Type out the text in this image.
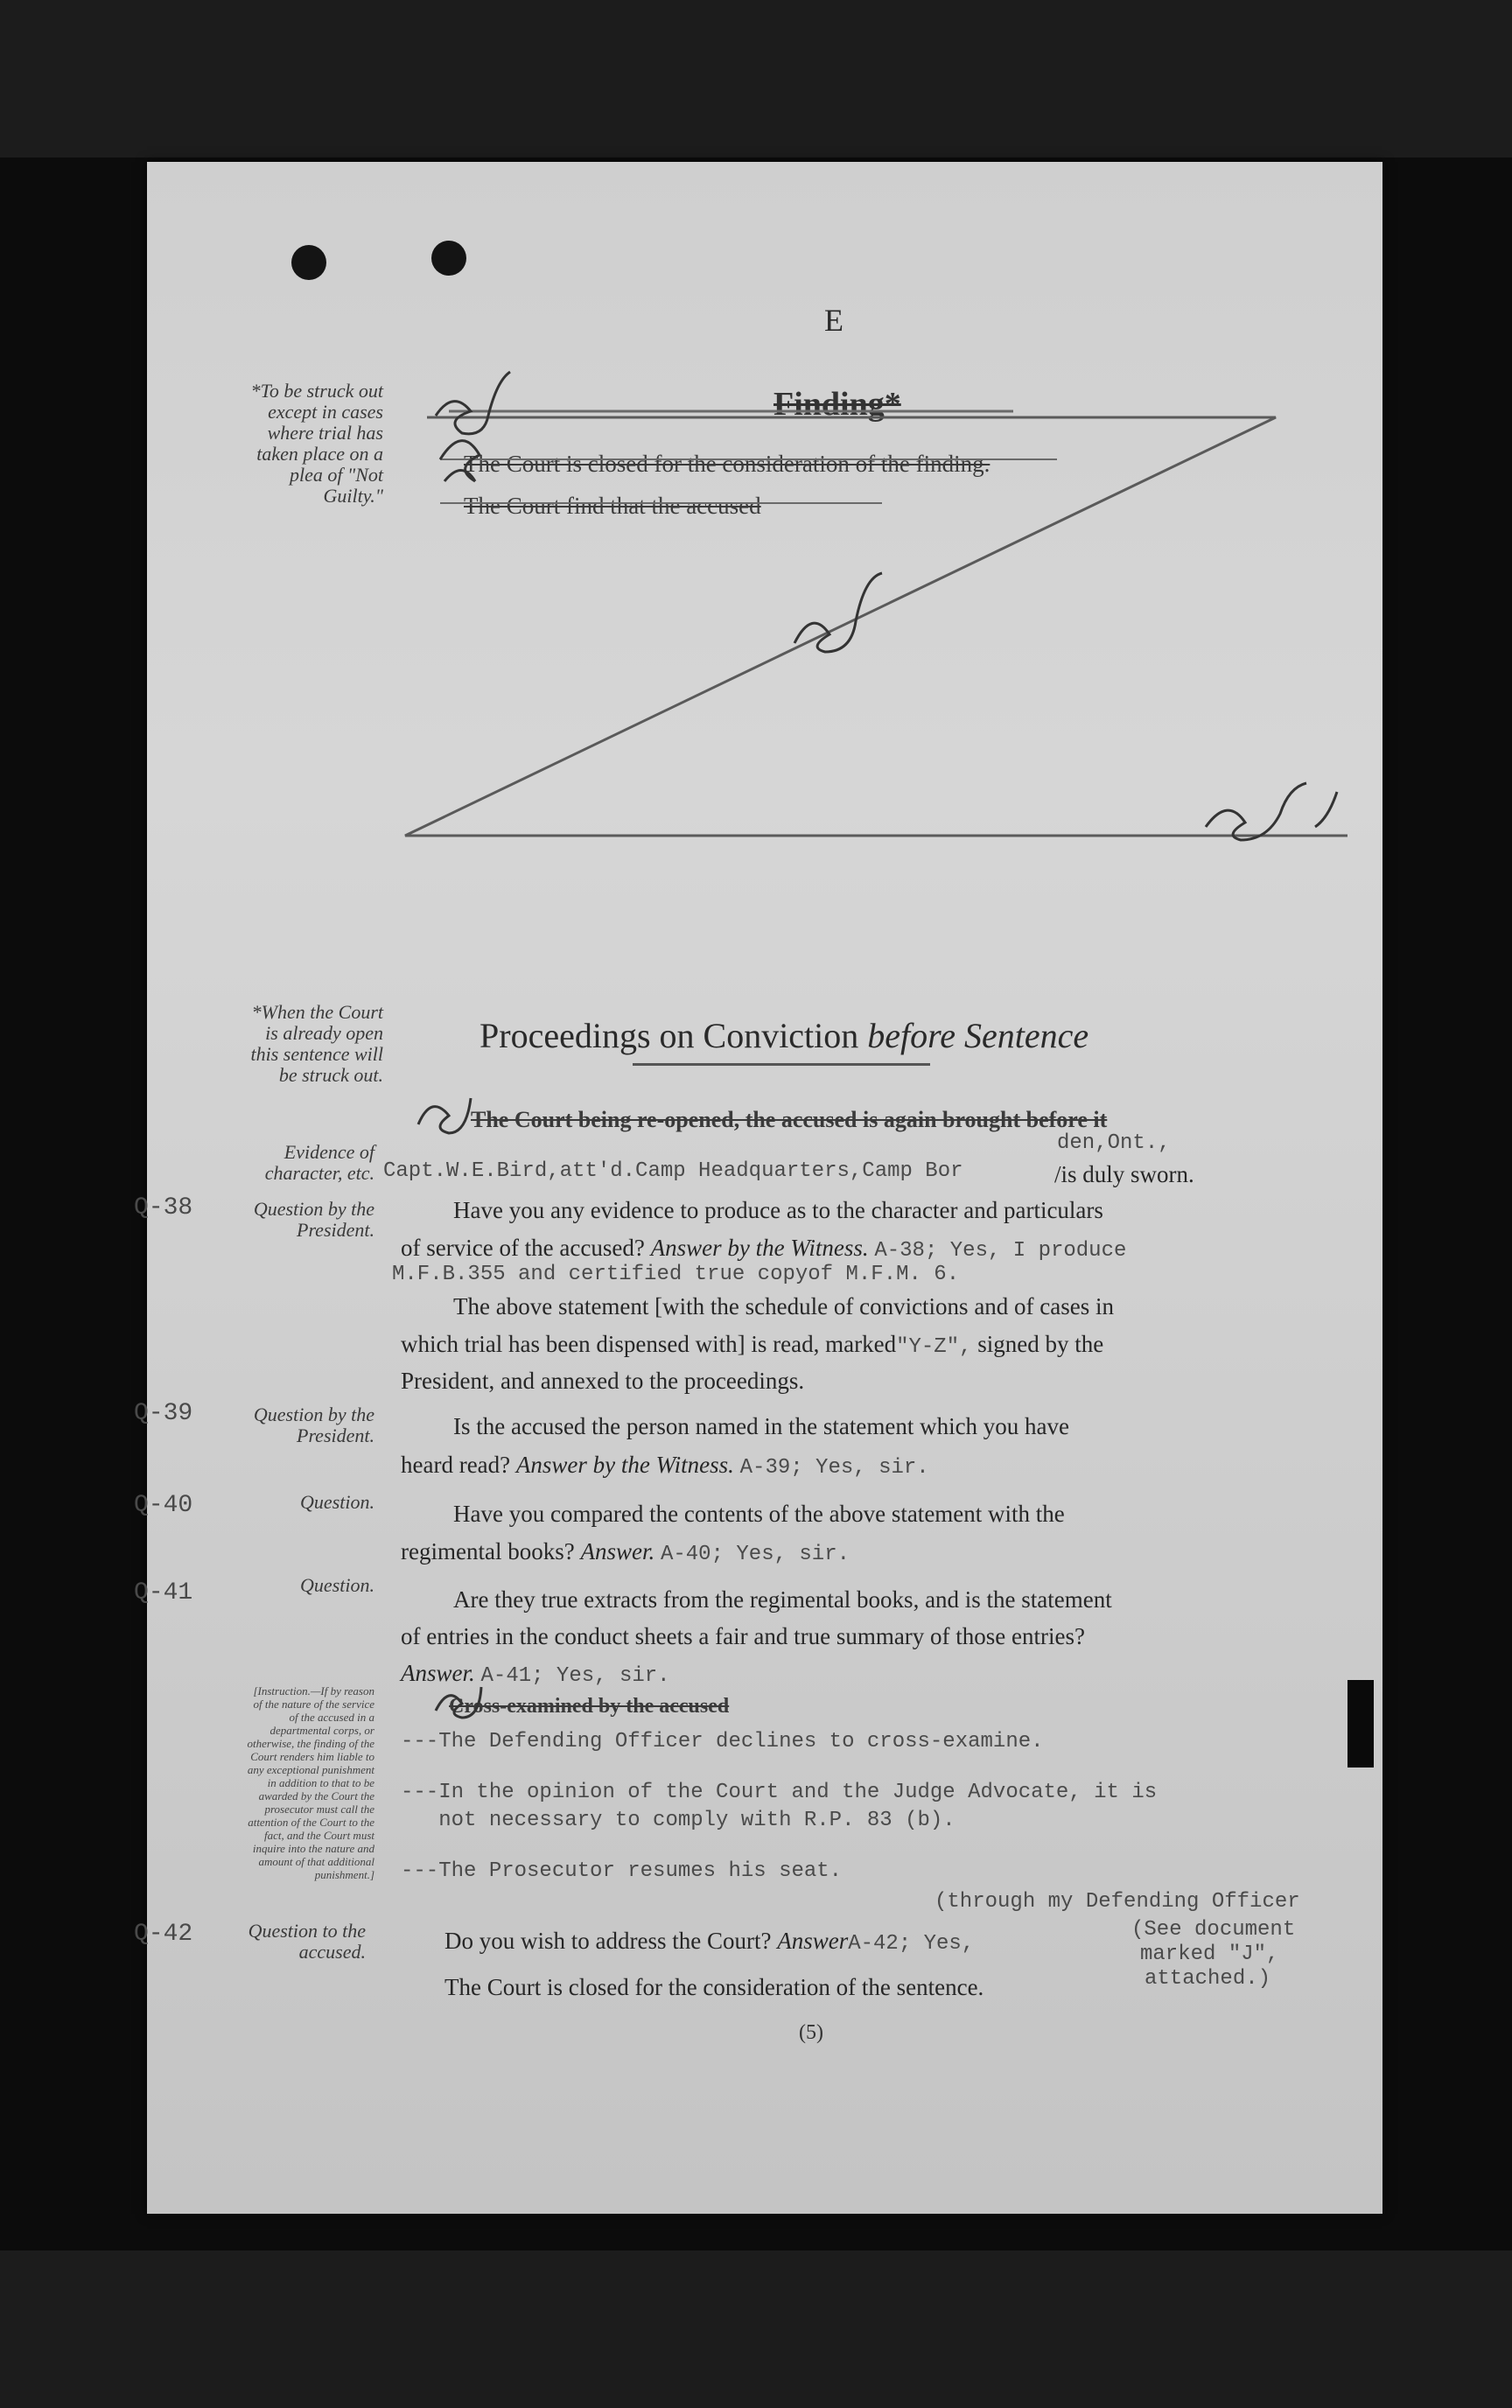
E
*To be struck out except in cases where trial has taken place on a plea of "Not Guilty."
Finding*
The Court is closed for the consideration of the finding.
The Court find that the accused
*When the Court is already open this sentence will be struck out.
Proceedings on Conviction before Sentence
The Court being re-opened, the accused is again brought before it
Evidence of character, etc.
den,Ont.,
Capt.W.E.Bird,att'd.Camp Headquarters,Camp Bor	/is duly sworn.
Q-38	Question by the President.
Have you any evidence to produce as to the character and particulars
of service of the accused? Answer by the Witness. A-38; Yes, I produce
M.F.B.355 and certified true copyof M.F.M. 6.
The above statement [with the schedule of convictions and of cases in
which trial has been dispensed with] is read, marked"Y-Z", signed by the
President, and annexed to the proceedings.
Q-39	Question by the President.	Is the accused the person named in the statement which you have
heard read? Answer by the Witness. A-39; Yes, sir.
Q-40	Question.	Have you compared the contents of the above statement with the
regimental books? Answer. A-40; Yes, sir.
Q-41	Question.
Are they true extracts from the regimental books, and is the statement
of entries in the conduct sheets a fair and true summary of those entries?
Answer. A-41; Yes, sir.
[Instruction.—If by reason of the nature of the service of the accused in a departmental corps, or otherwise, the finding of the Court renders him liable to any exceptional punishment in addition to that to be awarded by the Court the prosecutor must call the attention of the Court to the fact, and the Court must inquire into the nature and amount of that additional punishment.]
Cross-examined by the accused
---The Defending Officer declines to cross-examine.
---In the opinion of the Court and the Judge Advocate, it is
not necessary to comply with R.P. 83 (b).
---The Prosecutor resumes his seat.
Q-42	Question to the accused.
(through my Defending Officer
Do you wish to address the Court? AnswerA-42; Yes,
(See document
marked "J",
attached.)
The Court is closed for the consideration of the sentence.
(5)
